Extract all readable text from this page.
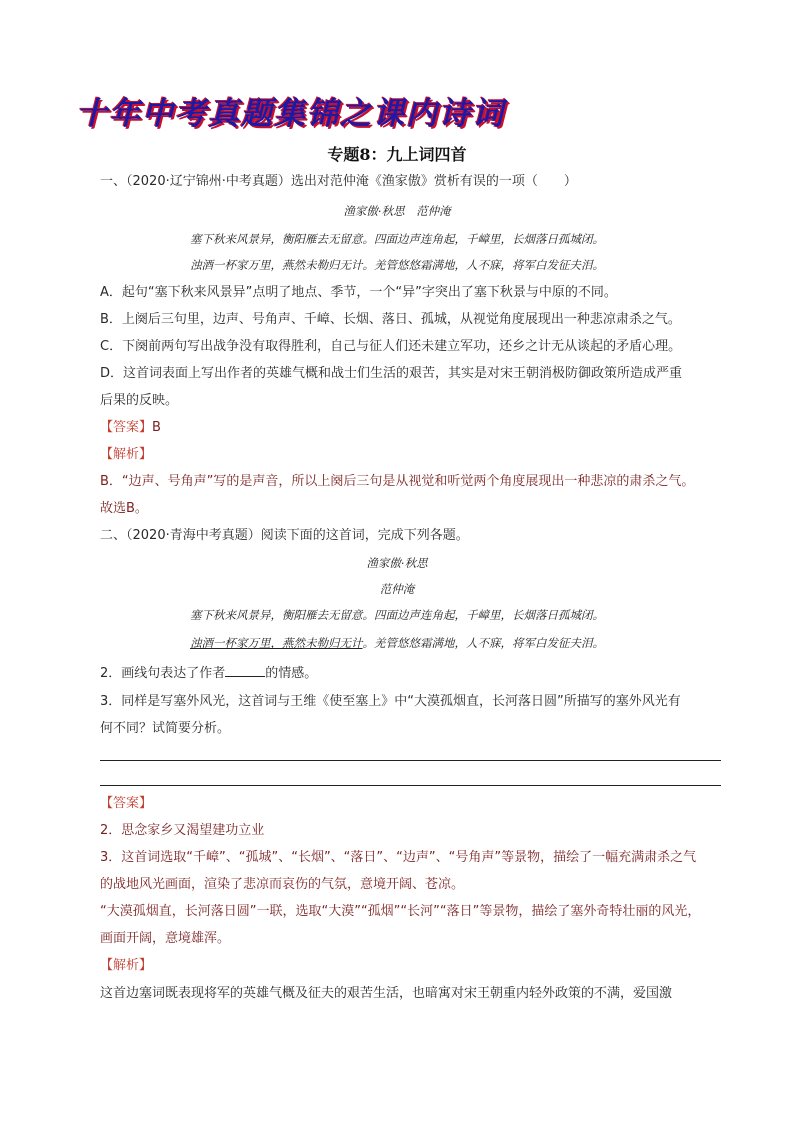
十年中考真题集锦之课内诗词
专题8：九上词四首

一、（2020·辽宁锦州·中考真题）选出对范仲淹《渔家傲》赏析有误的一项（　　）

渔家傲·秋思　范仲淹

塞下秋来风景异，衡阳雁去无留意。四面边声连角起，千嶂里，长烟落日孤城闭。

浊酒一杯家万里，燕然未勒归无计。羌管悠悠霜满地，人不寐，将军白发征夫泪。

A．起句“塞下秋来风景异”点明了地点、季节，一个“异”字突出了塞下秋景与中原的不同。

B．上阕后三句里，边声、号角声、千嶂、长烟、落日、孤城，从视觉角度展现出一种悲凉肃杀之气。

C．下阕前两句写出战争没有取得胜利，自己与征人们还未建立军功，还乡之计无从谈起的矛盾心理。

D．这首词表面上写出作者的英雄气概和战士们生活的艰苦，其实是对宋王朝消极防御政策所造成严重

后果的反映。

【答案】B

【解析】

B．“边声、号角声”写的是声音，所以上阕后三句是从视觉和听觉两个角度展现出一种悲凉的肃杀之气。

故选B。

二、（2020·青海中考真题）阅读下面的这首词，完成下列各题。

渔家傲·秋思

范仲淹

塞下秋来风景异，衡阳雁去无留意。四面边声连角起，千嶂里，长烟落日孤城闭。

浊酒一杯家万里，燕然未勒归无计。羌管悠悠霜满地，人不寐，将军白发征夫泪。

2．画线句表达了作者	的情感。

3．同样是写塞外风光，这首词与王维《使至塞上》中“大漠孤烟直，长河落日圆”所描写的塞外风光有

何不同？试简要分析。

【答案】

2．思念家乡又渴望建功立业

3．这首词选取“千嶂”、“孤城”、“长烟”、“落日”、“边声”、“号角声”等景物，描绘了一幅充满肃杀之气

的战地风光画面，渲染了悲凉而哀伤的气氛，意境开阔、苍凉。

“大漠孤烟直，长河落日圆”一联，选取“大漠”“孤烟”“长河”“落日”等景物，描绘了塞外奇特壮丽的风光，

画面开阔，意境雄浑。

【解析】

这首边塞词既表现将军的英雄气概及征夫的艰苦生活，也暗寓对宋王朝重内轻外政策的不满，爱国激
